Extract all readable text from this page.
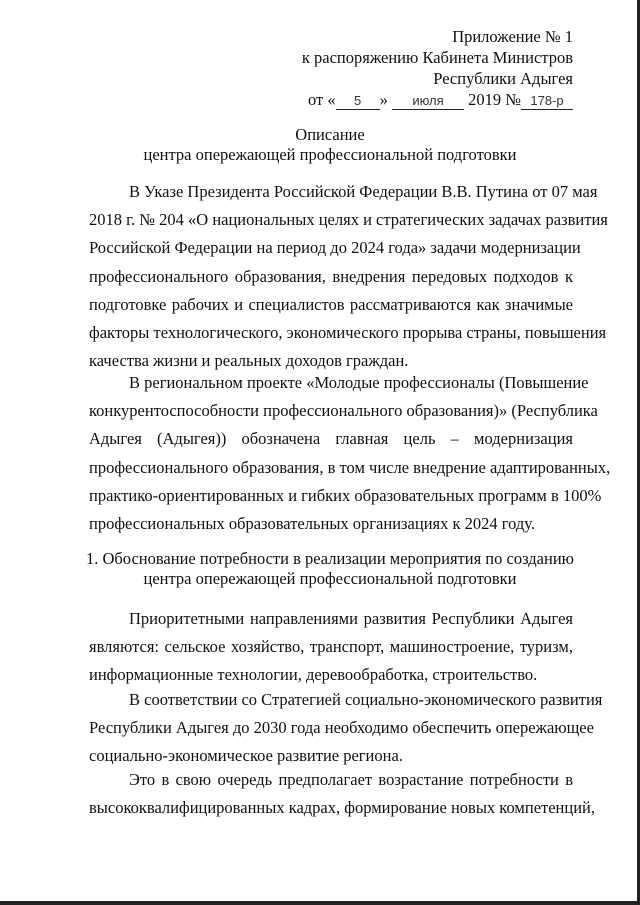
Приложение № 1
к распоряжению Кабинета Министров
Республики Адыгея
от « 5 » июля 2019 № 178-р
Описание
центра опережающей профессиональной подготовки
В Указе Президента Российской Федерации В.В. Путина от 07 мая
2018 г. № 204 «О национальных целях и стратегических задачах развития
Российской Федерации на период до 2024 года» задачи модернизации
профессионального образования, внедрения передовых подходов к
подготовке рабочих и специалистов рассматриваются как значимые
факторы технологического, экономического прорыва страны, повышения
качества жизни и реальных доходов граждан.
В региональном проекте «Молодые профессионалы (Повышение
конкурентоспособности профессионального образования)» (Республика
Адыгея (Адыгея)) обозначена главная цель – модернизация
профессионального образования, в том числе внедрение адаптированных,
практико-ориентированных и гибких образовательных программ в 100%
профессиональных образовательных организациях к 2024 году.
1. Обоснование потребности в реализации мероприятия по созданию
центра опережающей профессиональной подготовки
Приоритетными направлениями развития Республики Адыгея
являются: сельское хозяйство, транспорт, машиностроение, туризм,
информационные технологии, деревообработка, строительство.
В соответствии со Стратегией социально-экономического развития
Республики Адыгея до 2030 года необходимо обеспечить опережающее
социально-экономическое развитие региона.
Это в свою очередь предполагает возрастание потребности в
высококвалифицированных кадрах, формирование новых компетенций,
